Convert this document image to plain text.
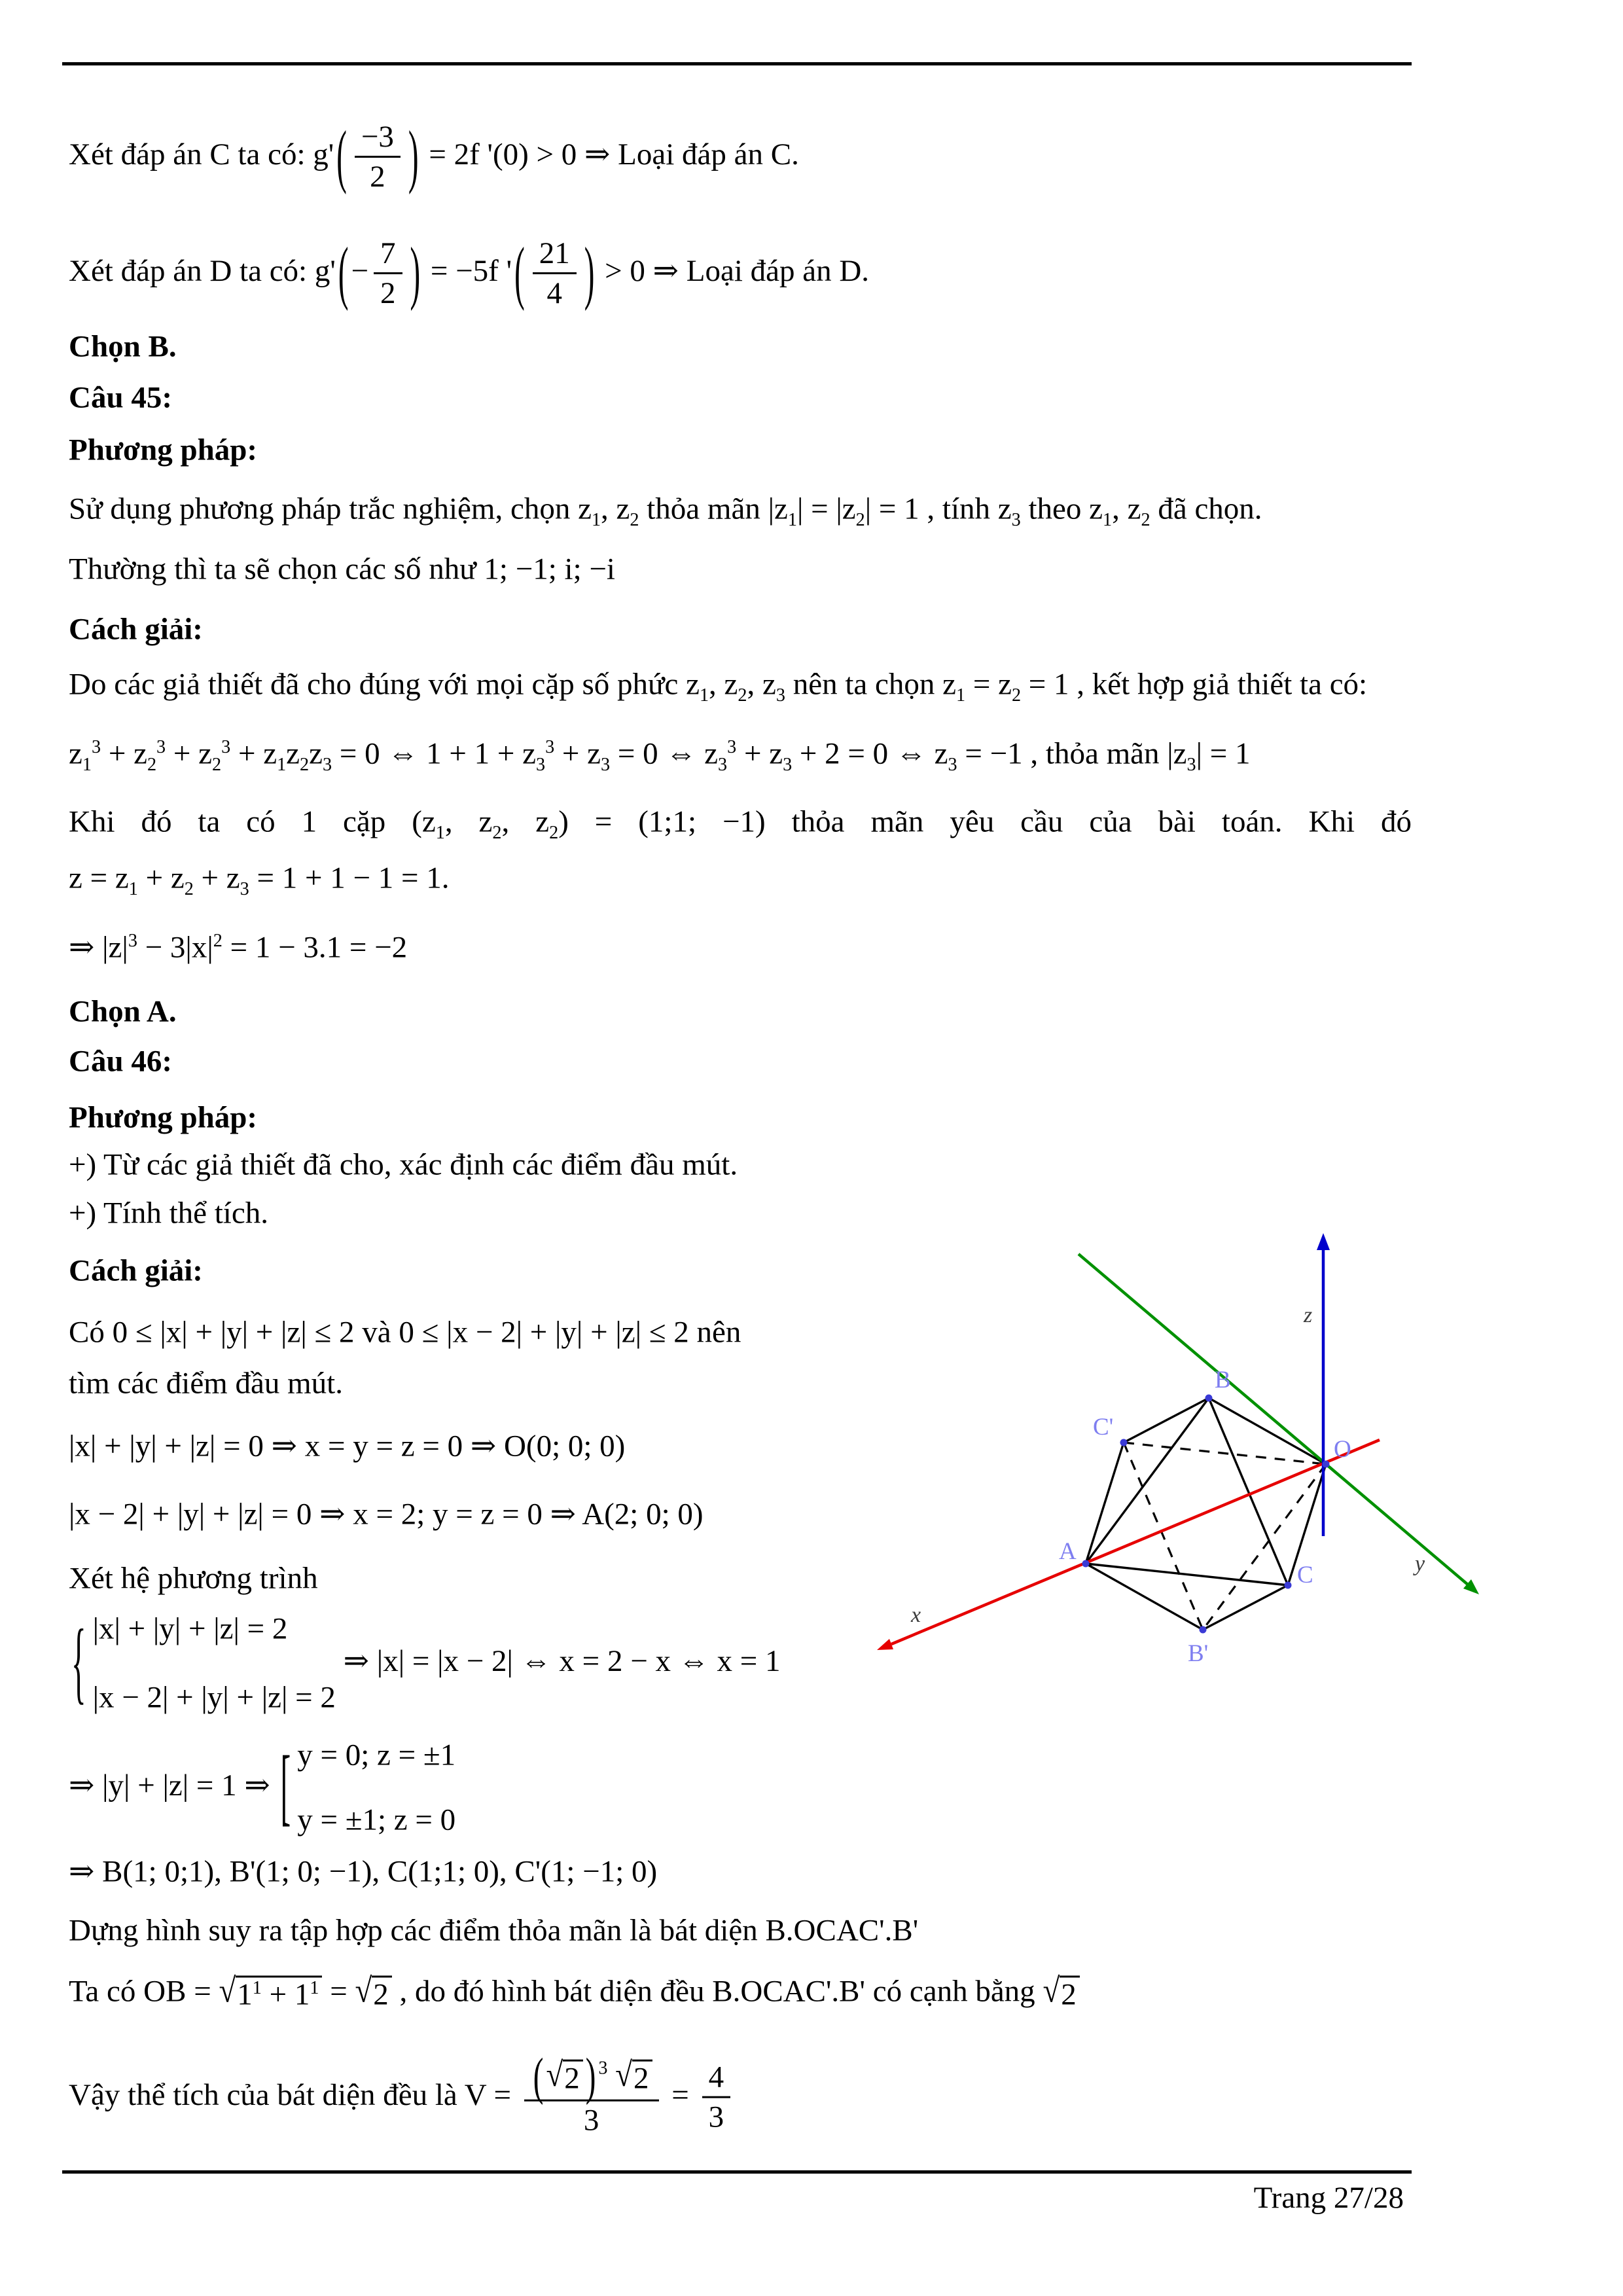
Xét đáp án C ta có: $g'( \frac{-3}{2}$ ) = 2f '(0) > 0 ⇒ Loại đáp án C.
Xét đáp án D ta có: $g'(- \frac{7}{2}$ ) = −5f '( $\frac{21}{4}$ ) > 0 ⇒ Loại đáp án D.
Chọn B.
Câu 45:
Phương pháp:
Sử dụng phương pháp trắc nghiệm, chọn $z_1$, $z_2$ thỏa mãn $|z_1| = |z_2| = 1$ , tính $z_3$ theo $z_1$, $z_2$ đã chọn.
Thường thì ta sẽ chọn các số như 1; −1; i; −i
Cách giải:
Do các giả thiết đã cho đúng với mọi cặp số phức $z_1$, $z_2$, $z_3$ nên ta chọn $z_1 = z_2 = 1$ , kết hợp giả thiết ta có:
$z_1^3 + z_2^3 + z_2^3 + z_1z_2z_3 = 0$ ⇔ $1 + 1 + z_3^3 + z_3 = 0$ ⇔ $z_3^3 + z_3 + 2 = 0$ ⇔ $z_3 = -1$ , thỏa mãn $|z_3| = 1$
Khi đó ta có 1 cặp ($z_1$, $z_2$, $z_2$) = (1;1; −1) thỏa mãn yêu cầu của bài toán. Khi đó
$z = z_1 + z_2 + z_3 = 1 + 1 - 1 = 1$.
⇒ $|z|^3 - 3|x|^2 = 1 - 3.1 = -2$
Chọn A.
Câu 46:
Phương pháp:
+) Từ các giả thiết đã cho, xác định các điểm đầu mút.
+) Tính thể tích.
Cách giải:
Có 0 ≤ |x| + |y| + |z| ≤ 2 và 0 ≤ |x − 2| + |y| + |z| ≤ 2 nên
tìm các điểm đầu mút.
|x| + |y| + |z| = 0 ⇒ x = y = z = 0 ⇒ O(0; 0; 0)
|x − 2| + |y| + |z| = 0 ⇒ x = 2; y = z = 0 ⇒ A(2; 0; 0)
Xét hệ phương trình
{ |x| + |y| + |z| = 2
|x − 2| + |y| + |z| = 2
⇒ |x| = |x − 2| ⇔ x = 2 − x ⇔ x = 1
⇒ |y| + |z| = 1 ⇒ [ y = 0; z = ±1
y = ±1; z = 0
⇒ B(1; 0;1), B'(1; 0; −1), C(1;1; 0), C'(1; −1; 0)
Dựng hình suy ra tập hợp các điểm thỏa mãn là bát diện B.OCAC'.B'
Ta có OB = √ $1^1 + 1^1$ = √ 2 , do đó hình bát diện đều B.OCAC'.B' có cạnh bằng √ 2
Vậy thể tích của bát diện đều là $V = \frac{( √ 2 ) ^3 √ 2}{3} = \frac{4}{3}$
B
C'
O
A
C
B'
z
y
x
Trang 27/28
